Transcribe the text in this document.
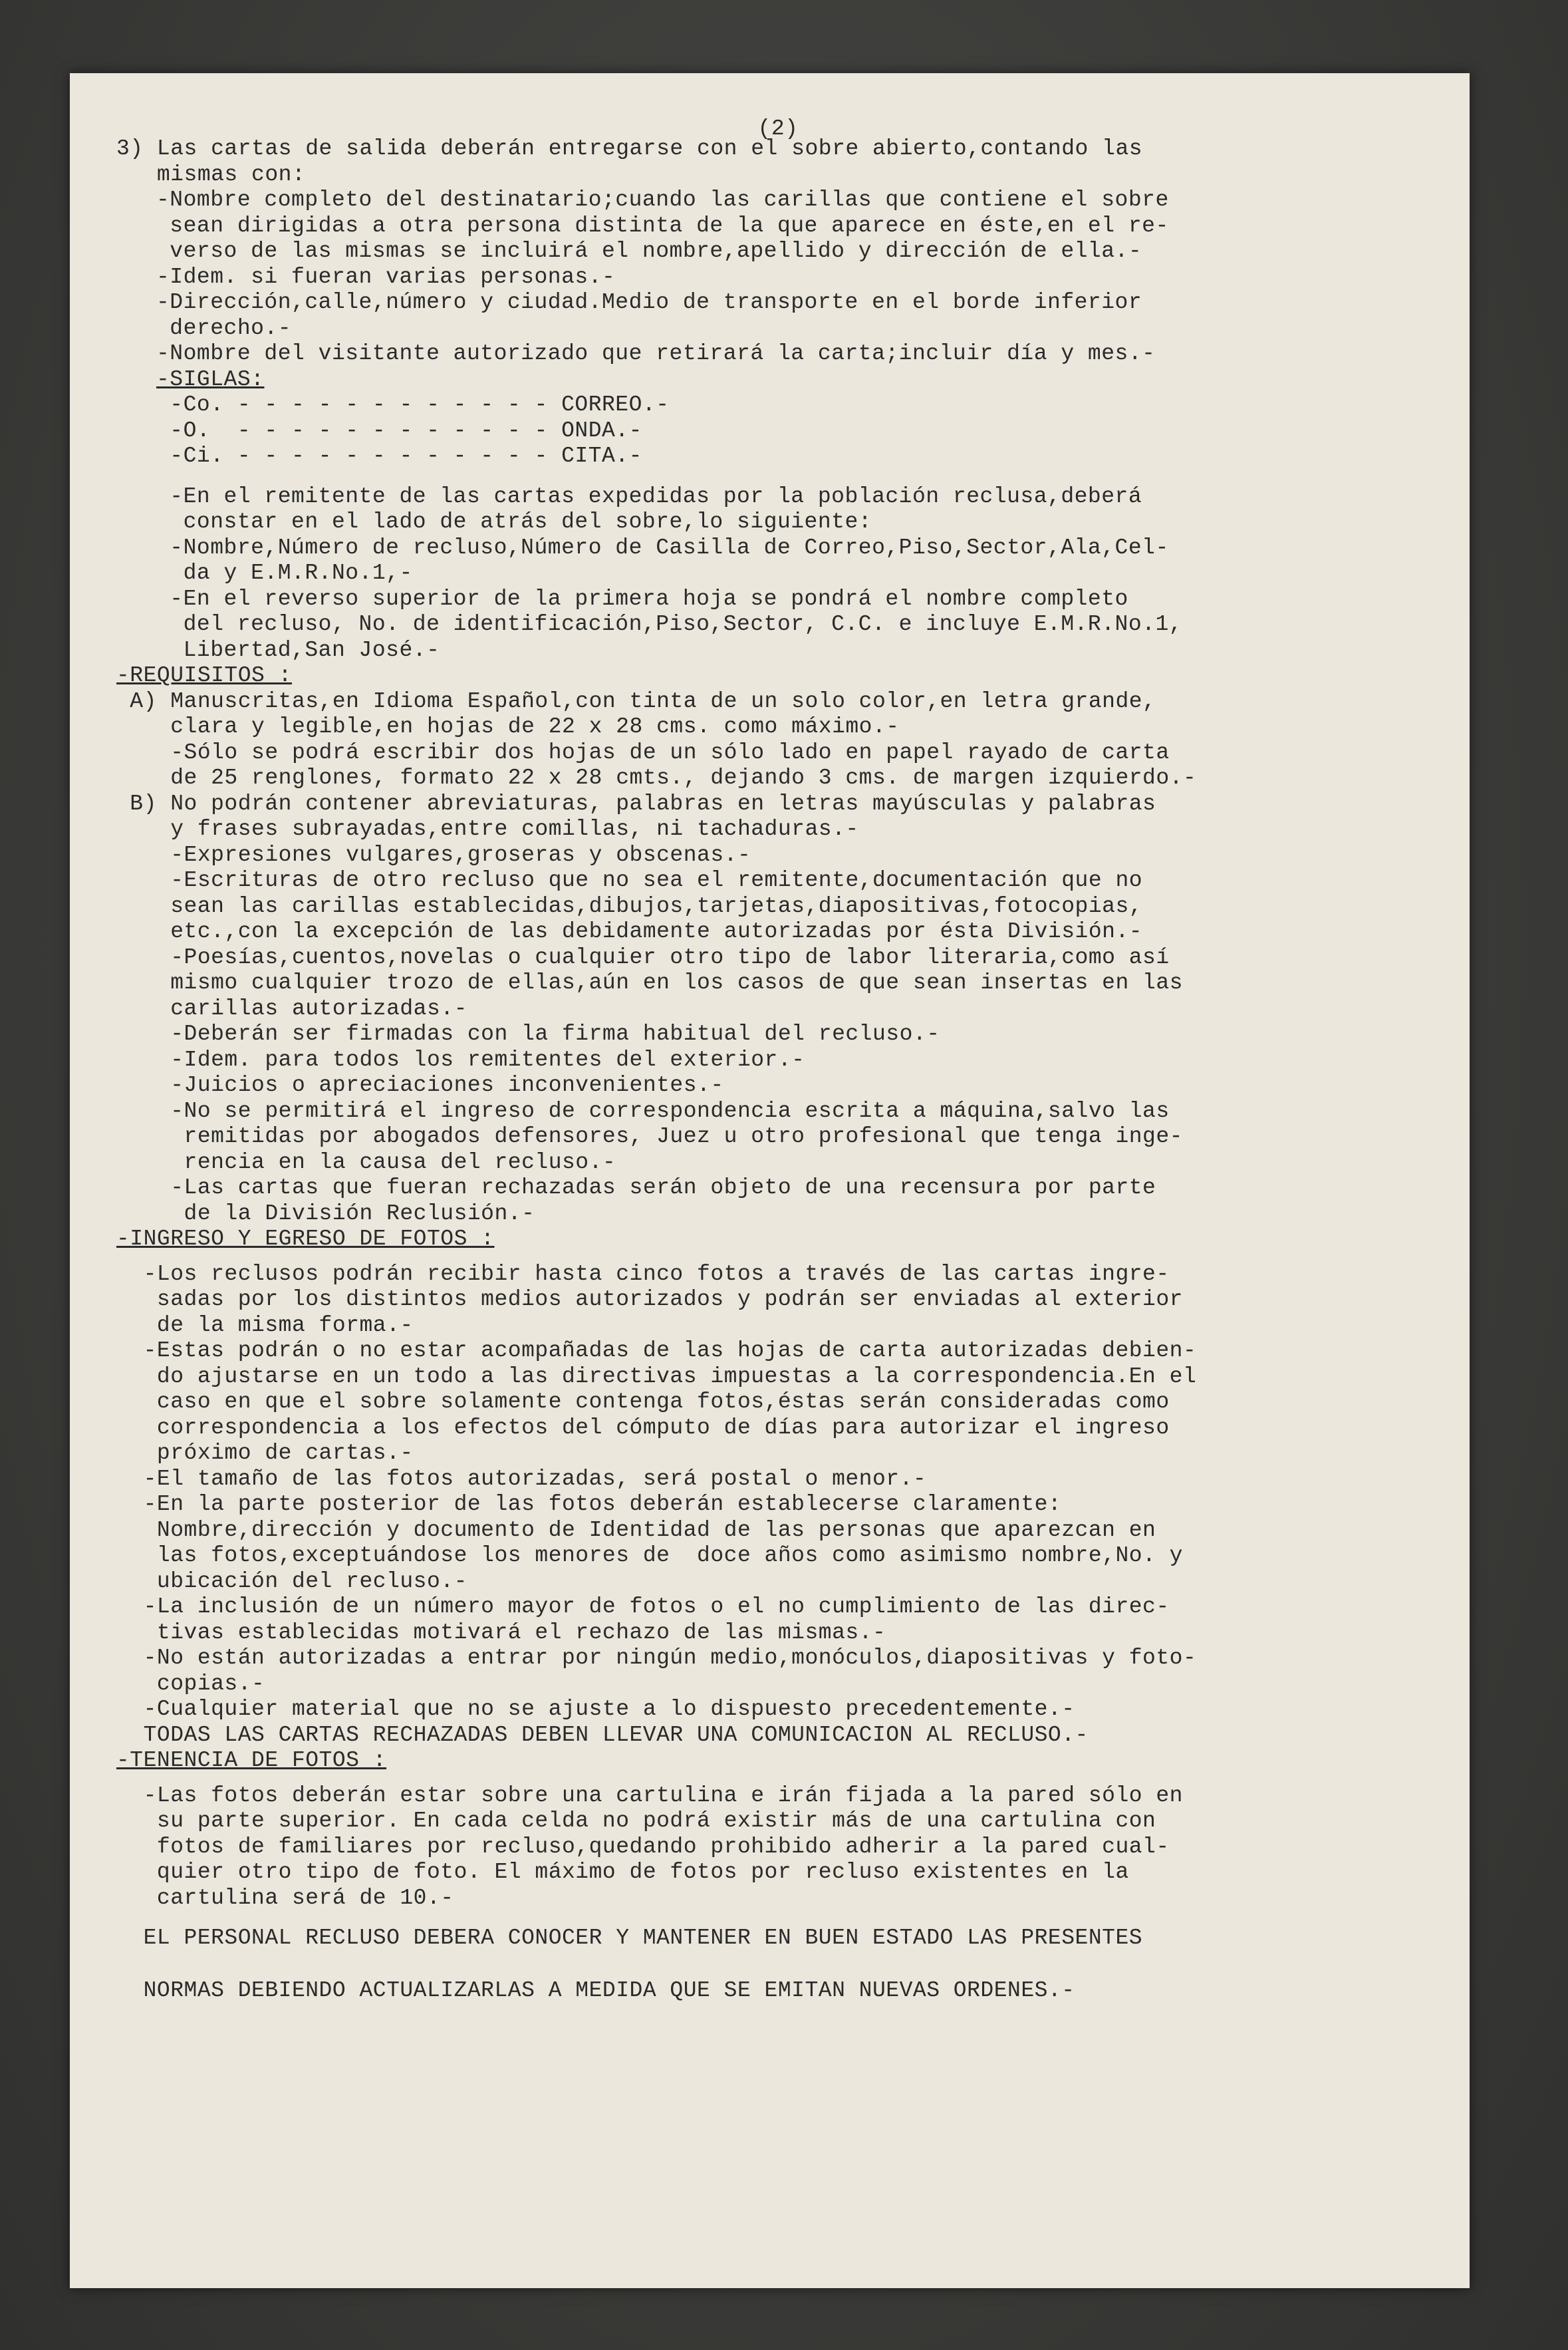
(2)
3) Las cartas de salida deberán entregarse con el sobre abierto,contando las
mismas con:
-Nombre completo del destinatario;cuando las carillas que contiene el sobre
sean dirigidas a otra persona distinta de la que aparece en éste,en el re-
verso de las mismas se incluirá el nombre,apellido y dirección de ella.-
-Idem. si fueran varias personas.-
-Dirección,calle,número y ciudad.Medio de transporte en el borde inferior
derecho.-
-Nombre del visitante autorizado que retirará la carta;incluir día y mes.-
-SIGLAS:
-Co. - - - - - - - - - - - - CORREO.-
-O.  - - - - - - - - - - - - ONDA.-
-Ci. - - - - - - - - - - - - CITA.-
-En el remitente de las cartas expedidas por la población reclusa,deberá
constar en el lado de atrás del sobre,lo siguiente:
-Nombre,Número de recluso,Número de Casilla de Correo,Piso,Sector,Ala,Cel-
da y E.M.R.No.1,-
-En el reverso superior de la primera hoja se pondrá el nombre completo
del recluso, No. de identificación,Piso,Sector, C.C. e incluye E.M.R.No.1,
Libertad,San José.-
-REQUISITOS :
A) Manuscritas,en Idioma Español,con tinta de un solo color,en letra grande,
clara y legible,en hojas de 22 x 28 cms. como máximo.-
-Sólo se podrá escribir dos hojas de un sólo lado en papel rayado de carta
de 25 renglones, formato 22 x 28 cmts., dejando 3 cms. de margen izquierdo.-
B) No podrán contener abreviaturas, palabras en letras mayúsculas y palabras
y frases subrayadas,entre comillas, ni tachaduras.-
-Expresiones vulgares,groseras y obscenas.-
-Escrituras de otro recluso que no sea el remitente,documentación que no
sean las carillas establecidas,dibujos,tarjetas,diapositivas,fotocopias,
etc.,con la excepción de las debidamente autorizadas por ésta División.-
-Poesías,cuentos,novelas o cualquier otro tipo de labor literaria,como así
mismo cualquier trozo de ellas,aún en los casos de que sean insertas en las
carillas autorizadas.-
-Deberán ser firmadas con la firma habitual del recluso.-
-Idem. para todos los remitentes del exterior.-
-Juicios o apreciaciones inconvenientes.-
-No se permitirá el ingreso de correspondencia escrita a máquina,salvo las
remitidas por abogados defensores, Juez u otro profesional que tenga inge-
rencia en la causa del recluso.-
-Las cartas que fueran rechazadas serán objeto de una recensura por parte
de la División Reclusión.-
-INGRESO Y EGRESO DE FOTOS :
-Los reclusos podrán recibir hasta cinco fotos a través de las cartas ingre-
sadas por los distintos medios autorizados y podrán ser enviadas al exterior
de la misma forma.-
-Estas podrán o no estar acompañadas de las hojas de carta autorizadas debien-
do ajustarse en un todo a las directivas impuestas a la correspondencia.En el
caso en que el sobre solamente contenga fotos,éstas serán consideradas como
correspondencia a los efectos del cómputo de días para autorizar el ingreso
próximo de cartas.-
-El tamaño de las fotos autorizadas, será postal o menor.-
-En la parte posterior de las fotos deberán establecerse claramente:
Nombre,dirección y documento de Identidad de las personas que aparezcan en
las fotos,exceptuándose los menores de  doce años como asimismo nombre,No. y
ubicación del recluso.-
-La inclusión de un número mayor de fotos o el no cumplimiento de las direc-
tivas establecidas motivará el rechazo de las mismas.-
-No están autorizadas a entrar por ningún medio,monóculos,diapositivas y foto-
copias.-
-Cualquier material que no se ajuste a lo dispuesto precedentemente.-
TODAS LAS CARTAS RECHAZADAS DEBEN LLEVAR UNA COMUNICACION AL RECLUSO.-
-TENENCIA DE FOTOS :
-Las fotos deberán estar sobre una cartulina e irán fijada a la pared sólo en
su parte superior. En cada celda no podrá existir más de una cartulina con
fotos de familiares por recluso,quedando prohibido adherir a la pared cual-
quier otro tipo de foto. El máximo de fotos por recluso existentes en la
cartulina será de 10.-
EL PERSONAL RECLUSO DEBERA CONOCER Y MANTENER EN BUEN ESTADO LAS PRESENTES
NORMAS DEBIENDO ACTUALIZARLAS A MEDIDA QUE SE EMITAN NUEVAS ORDENES.-
